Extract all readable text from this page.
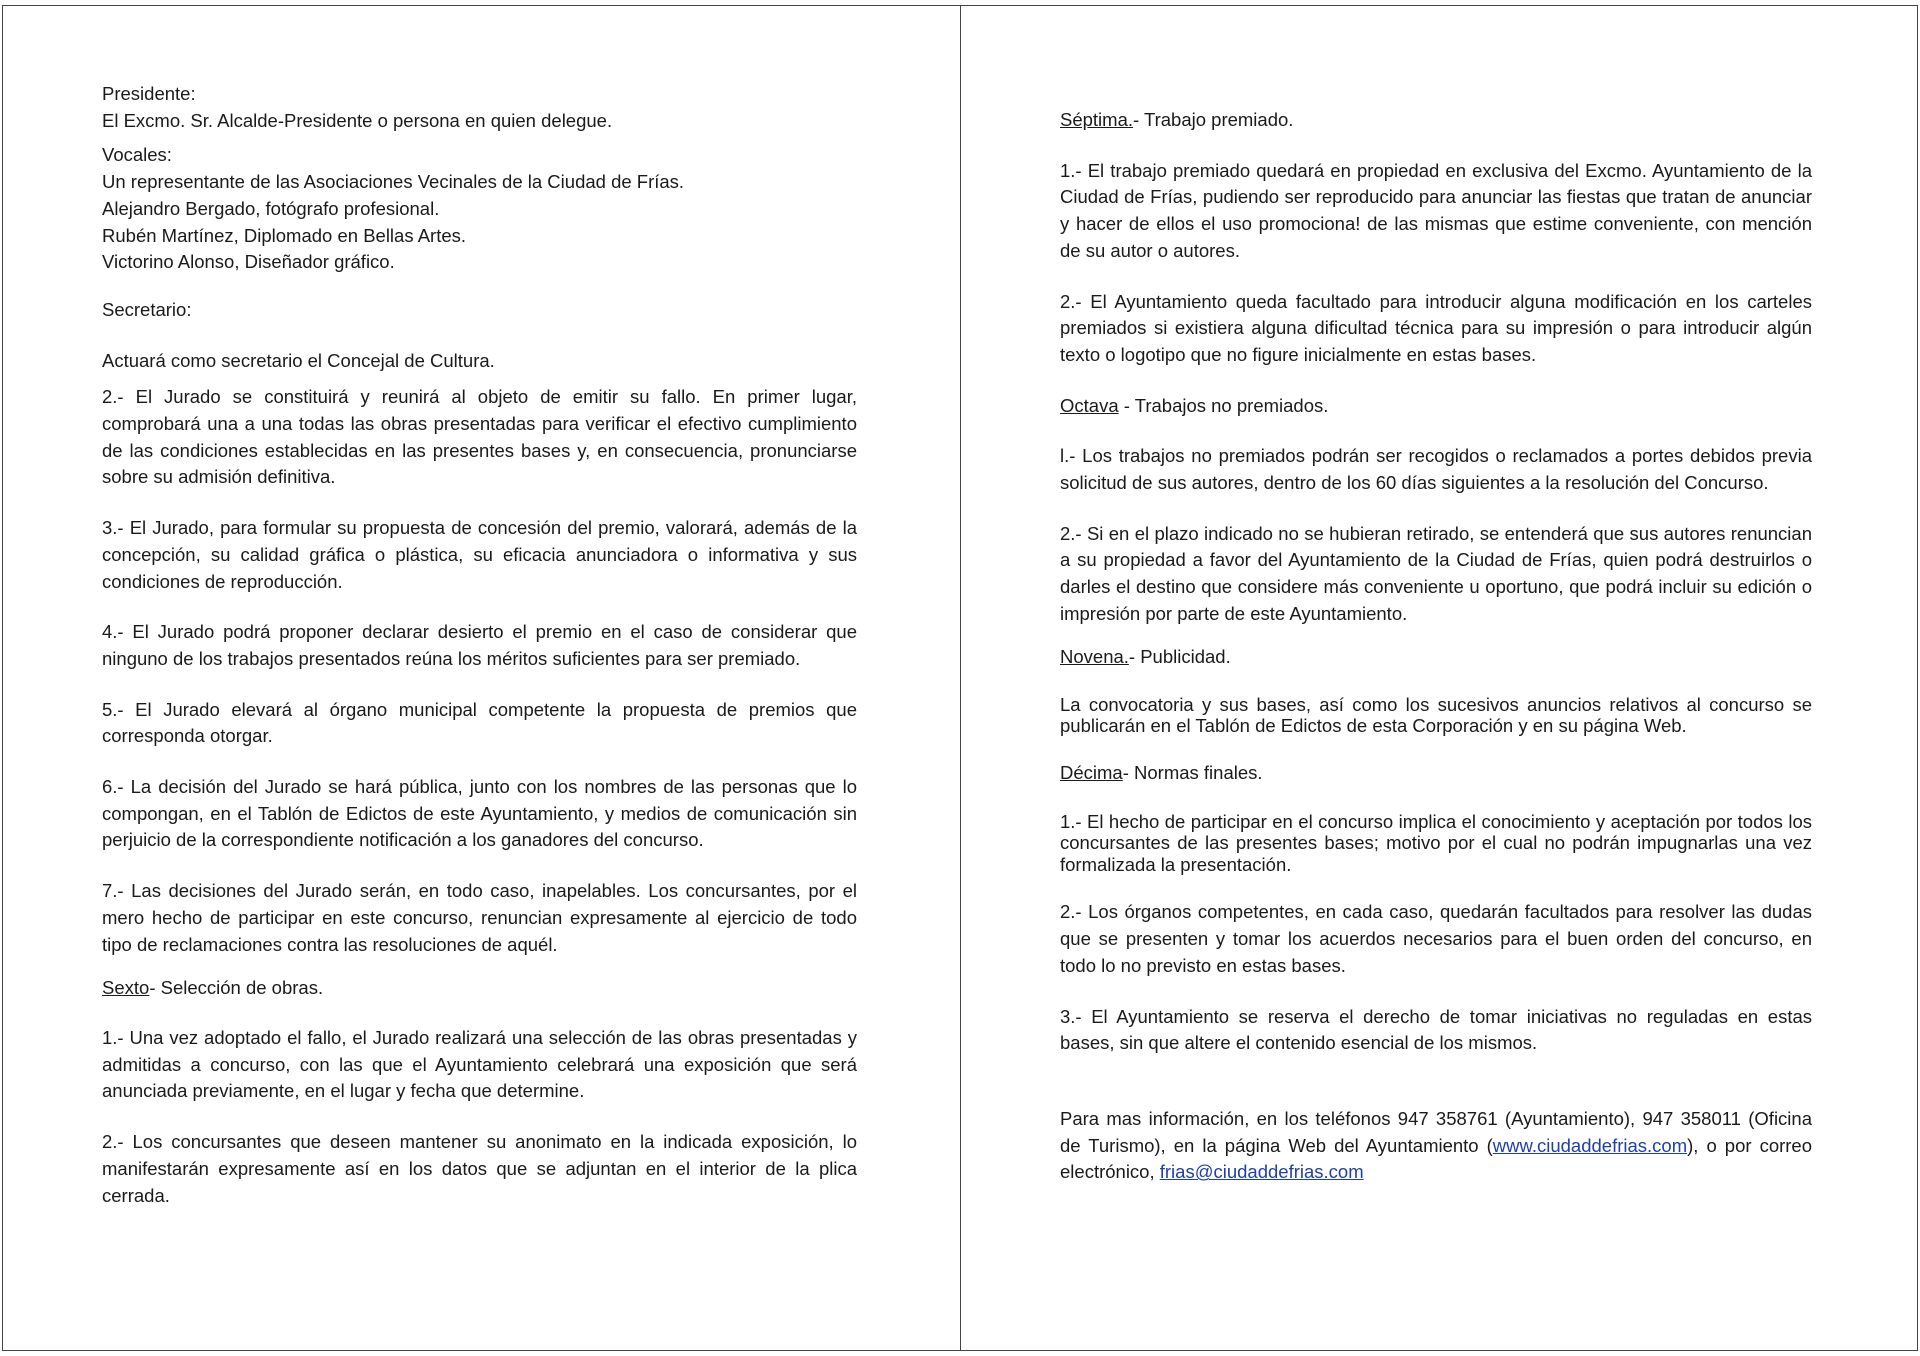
Presidente:

El Excmo. Sr. Alcalde-Presidente o persona en quien delegue.

Vocales:

Un representante de las Asociaciones Vecinales de la Ciudad de Frías.

Alejandro Bergado, fotógrafo profesional.

Rubén Martínez, Diplomado en Bellas Artes.

Victorino Alonso, Diseñador gráfico.

Secretario:

Actuará como secretario el Concejal de Cultura.

2.- El Jurado se constituirá y reunirá al objeto de emitir su fallo. En primer lugar, comprobará una a una todas las obras presentadas para verificar el efectivo cumplimiento de las condiciones establecidas en las presentes bases y, en consecuencia, pronunciarse sobre su admisión definitiva.

3.- El Jurado, para formular su propuesta de concesión del premio, valorará, además de la concepción, su calidad gráfica o plástica, su eficacia anunciadora o informativa y sus condiciones de reproducción.

4.- El Jurado podrá proponer declarar desierto el premio en el caso de considerar que ninguno de los trabajos presentados reúna los méritos suficientes para ser premiado.

5.- El Jurado elevará al órgano municipal competente la propuesta de premios que corresponda otorgar.

6.- La decisión del Jurado se hará pública, junto con los nombres de las personas que lo compongan, en el Tablón de Edictos de este Ayuntamiento, y medios de comunicación sin perjuicio de la correspondiente notificación a los ganadores del concurso.

7.- Las decisiones del Jurado serán, en todo caso, inapelables. Los concursantes, por el mero hecho de participar en este concurso, renuncian expresamente al ejercicio de todo tipo de reclamaciones contra las resoluciones de aquél.

Sexto- Selección de obras.

1.- Una vez adoptado el fallo, el Jurado realizará una selección de las obras presentadas y admitidas a concurso, con las que el Ayuntamiento celebrará una exposición que será anunciada previamente, en el lugar y fecha que determine.

2.- Los concursantes que deseen mantener su anonimato en la indicada exposición, lo manifestarán expresamente así en los datos que se adjuntan en el interior de la plica cerrada.

Séptima.- Trabajo premiado.

1.- El trabajo premiado quedará en propiedad en exclusiva del Excmo. Ayuntamiento de la Ciudad de Frías, pudiendo ser reproducido para anunciar las fiestas que tratan de anunciar y hacer de ellos el uso promociona! de las mismas que estime conveniente, con mención de su autor o autores.

2.- El Ayuntamiento queda facultado para introducir alguna modificación en los carteles premiados si existiera alguna dificultad técnica para su impresión o para introducir algún texto o logotipo que no figure inicialmente en estas bases.

Octava - Trabajos no premiados.

l.- Los trabajos no premiados podrán ser recogidos o reclamados a portes debidos previa solicitud de sus autores, dentro de los 60 días siguientes a la resolución del Concurso.

2.- Si en el plazo indicado no se hubieran retirado, se entenderá que sus autores renuncian a su propiedad a favor del Ayuntamiento de la Ciudad de Frías, quien podrá destruirlos o darles el destino que considere más conveniente u oportuno, que podrá incluir su edición o impresión por parte de este Ayuntamiento.

Novena.- Publicidad.

La convocatoria y sus bases, así como los sucesivos anuncios relativos al concurso se publicarán en el Tablón de Edictos de esta Corporación y en su página Web.

Décima- Normas finales.

1.- El hecho de participar en el concurso implica el conocimiento y aceptación por todos los concursantes de las presentes bases; motivo por el cual no podrán impugnarlas una vez formalizada la presentación.

2.- Los órganos competentes, en cada caso, quedarán facultados para resolver las dudas que se presenten y tomar los acuerdos necesarios para el buen orden del concurso, en todo lo no previsto en estas bases.

3.- El Ayuntamiento se reserva el derecho de tomar iniciativas no reguladas en estas bases, sin que altere el contenido esencial de los mismos.

Para mas información, en los teléfonos 947 358761 (Ayuntamiento), 947 358011 (Oficina de Turismo), en la página Web del Ayuntamiento (www.ciudaddefrias.com), o por correo electrónico, frias@ciudaddefrias.com
